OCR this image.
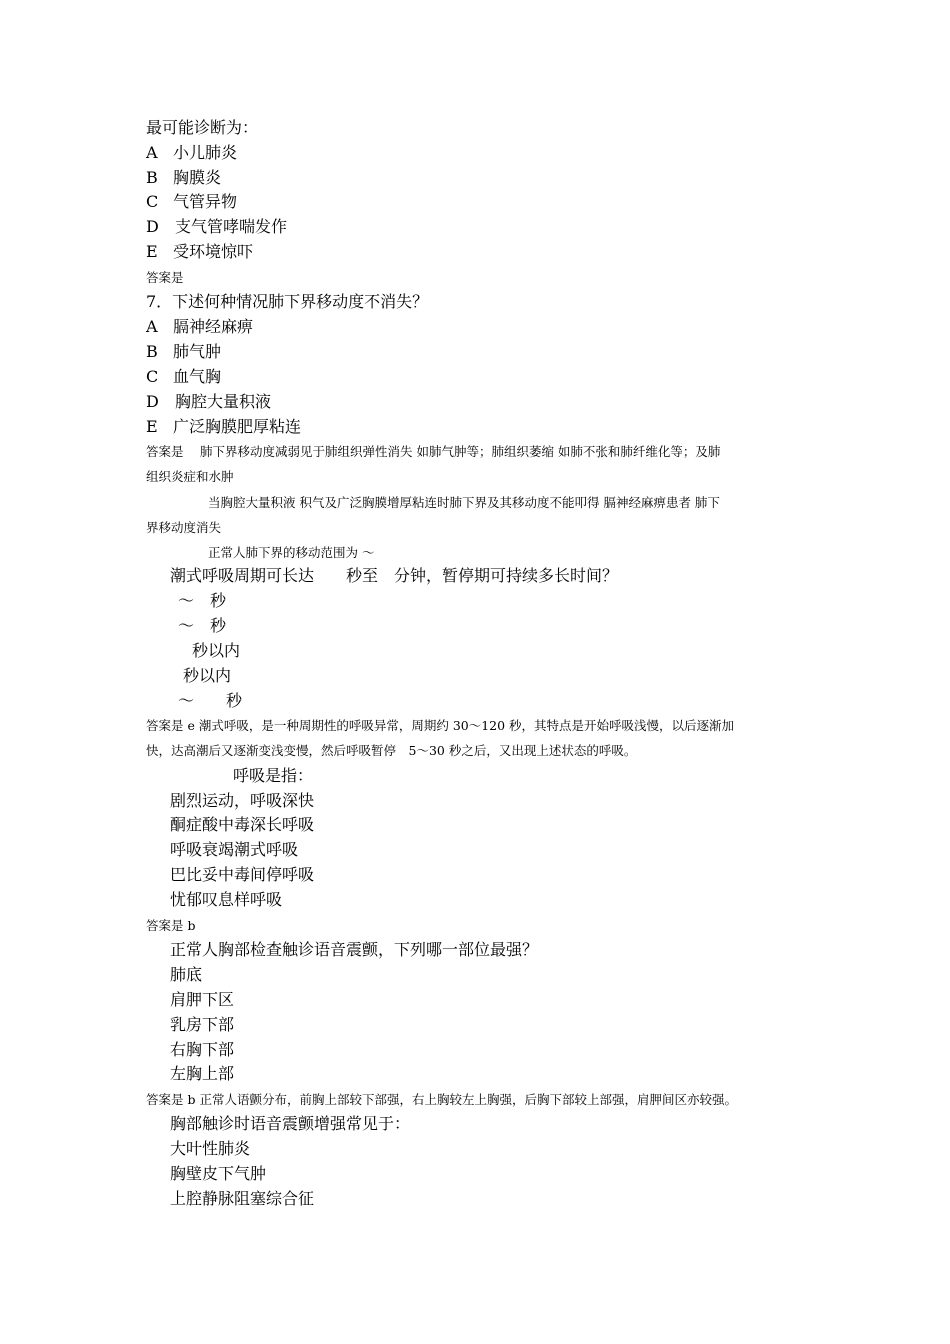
最可能诊断为：
A 小儿肺炎
B 胸膜炎
C 气管异物
D 支气管哮喘发作
E 受环境惊吓
答案是
7．下述何种情况肺下界移动度不消失？
A 膈神经麻痹
B 肺气肿
C 血气胸
D 胸腔大量积液
E 广泛胸膜肥厚粘连
答案是　 肺下界移动度减弱见于肺组织弹性消失 如肺气肿等；肺组织萎缩 如肺不张和肺纤维化等；及肺
组织炎症和水肿
当胸腔大量积液 积气及广泛胸膜增厚粘连时肺下界及其移动度不能叩得 膈神经麻痹患者 肺下
界移动度消失
正常人肺下界的移动范围为 ～
潮式呼吸周期可长达　　秒至　分钟，暂停期可持续多长时间？
～　秒
～　秒
秒以内
秒以内
～　　秒
答案是 e 潮式呼吸，是一种周期性的呼吸异常，周期约 30～120 秒，其特点是开始呼吸浅慢，以后逐渐加
快，达高潮后又逐渐变浅变慢，然后呼吸暂停　5～30 秒之后，又出现上述状态的呼吸。
呼吸是指：
剧烈运动，呼吸深快
酮症酸中毒深长呼吸
呼吸衰竭潮式呼吸
巴比妥中毒间停呼吸
忧郁叹息样呼吸
答案是 b
正常人胸部检查触诊语音震颤，下列哪一部位最强？
肺底
肩胛下区
乳房下部
右胸下部
左胸上部
答案是 b 正常人语颤分布，前胸上部较下部强，右上胸较左上胸强，后胸下部较上部强，肩胛间区亦较强。
胸部触诊时语音震颤增强常见于：
大叶性肺炎
胸壁皮下气肿
上腔静脉阻塞综合征
